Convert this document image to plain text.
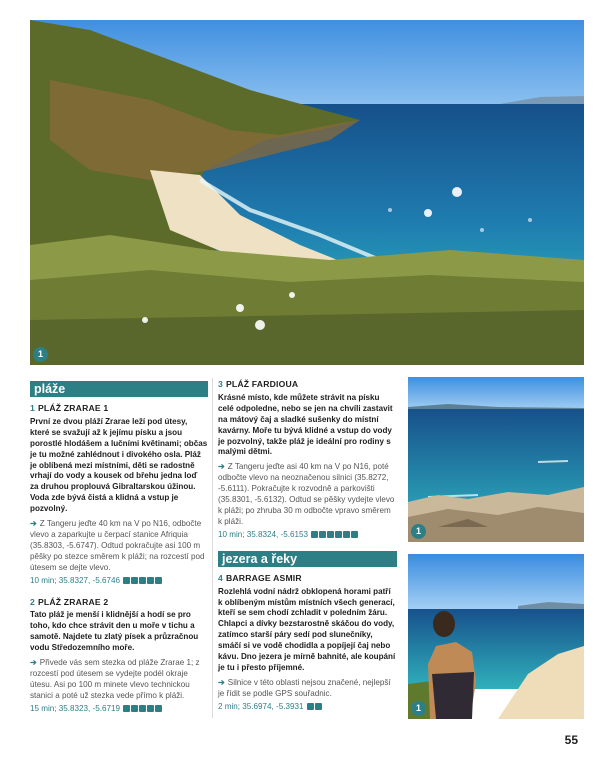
1
1
1
pláže

1 PLÁŽ ZRARAE 1

První ze dvou pláží Zrarae leží pod útesy, které se svažují až k jejímu písku a jsou porostlé hlodášem a lučními květinami; občas je tu možné zahlédnout i divokého osla. Pláž je oblíbená mezi místními, děti se radostně vrhají do vody a kousek od břehu jedna loď za druhou proplouvá Gibraltarskou úžinou. Voda zde bývá čistá a klidná a vstup je pozvolný.

➔ Z Tangeru jeďte 40 km na V po N16, odbočte vlevo a zaparkujte u čerpací stanice Afriquia (35.8303, -5.6747). Odtud pokračujte asi 100 m pěšky po stezce směrem k pláži; na rozcestí pod útesem se dejte vlevo.

10 min; 35.8327, -5.6746

2 PLÁŽ ZRARAE 2

Tato pláž je menší i klidnější a hodí se pro toho, kdo chce strávit den u moře v tichu a samotě. Najdete tu zlatý písek a průzračnou vodu Středozemního moře.

➔ Přivede vás sem stezka od pláže Zrarae 1; z rozcestí pod útesem se vydejte podél okraje útesu. Asi po 100 m minete vlevo technickou stanici a poté už stezka vede přímo k pláži.

15 min; 35.8323, -5.6719

3 PLÁŽ FARDIOUA

Krásné místo, kde můžete strávit na písku celé odpoledne, nebo se jen na chvíli zastavit na mátový čaj a sladké sušenky do místní kavárny. Moře tu bývá klidné a vstup do vody je pozvolný, takže pláž je ideální pro rodiny s malými dětmi.

➔ Z Tangeru jeďte asi 40 km na V po N16, poté odbočte vlevo na neoznačenou silnici (35.8272, -5.6111). Pokračujte k rozvodně a parkovišti (35.8301, -5.6132). Odtud se pěšky vydejte vlevo k pláži; po zhruba 30 m odbočte vpravo směrem k pláži.

10 min; 35.8324, -5.6153

jezera a řeky

4 BARRAGE ASMIR

Rozlehlá vodní nádrž obklopená horami patří k oblíbeným místům místních všech generací, kteří se sem chodí zchladit v poledním žáru. Chlapci a dívky bezstarostně skáčou do vody, zatímco starší páry sedí pod slunečníky, smáčí si ve vodě chodidla a popíjejí čaj nebo kávu. Dno jezera je mírně bahnité, ale koupání je tu i přesto příjemné.

➔ Silnice v této oblasti nejsou značené, nejlepší je řídit se podle GPS souřadnic.

2 min; 35.6974, -5.3931

55
